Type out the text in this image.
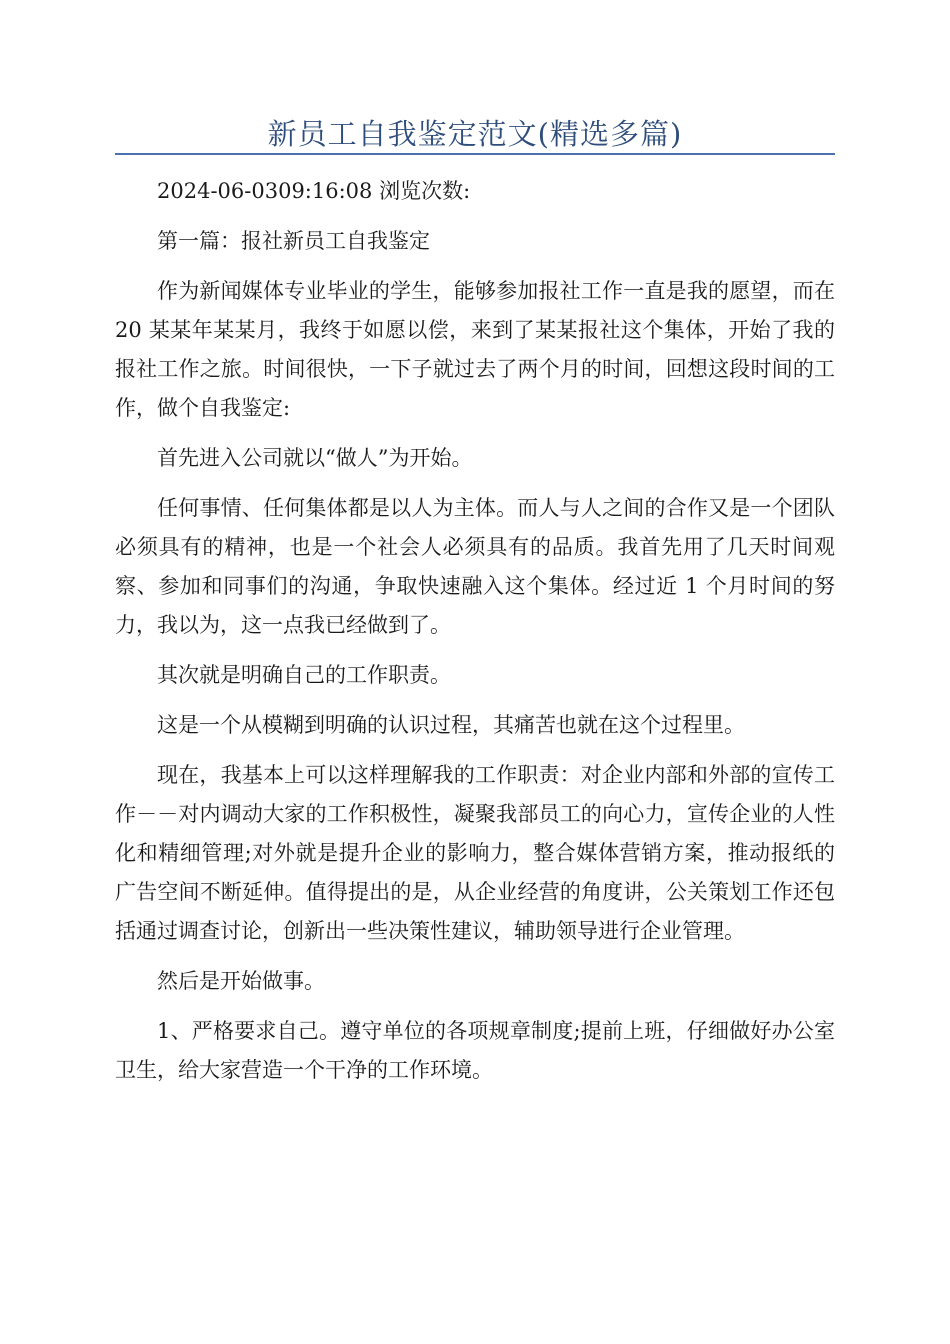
新员工自我鉴定范文(精选多篇)

2024-06-0309:16:08 浏览次数:

第一篇：报社新员工自我鉴定

作为新闻媒体专业毕业的学生，能够参加报社工作一直是我的愿望，而在 20 某某年某某月，我终于如愿以偿，来到了某某报社这个集体，开始了我的报社工作之旅。时间很快，一下子就过去了两个月的时间，回想这段时间的工作，做个自我鉴定:

首先进入公司就以“做人”为开始。

任何事情、任何集体都是以人为主体。而人与人之间的合作又是一个团队必须具有的精神，也是一个社会人必须具有的品质。我首先用了几天时间观察、参加和同事们的沟通，争取快速融入这个集体。经过近 1 个月时间的努力，我以为，这一点我已经做到了。

其次就是明确自己的工作职责。

这是一个从模糊到明确的认识过程，其痛苦也就在这个过程里。

现在，我基本上可以这样理解我的工作职责：对企业内部和外部的宣传工作－－对内调动大家的工作积极性，凝聚我部员工的向心力，宣传企业的人性化和精细管理;对外就是提升企业的影响力，整合媒体营销方案，推动报纸的广告空间不断延伸。值得提出的是，从企业经营的角度讲，公关策划工作还包括通过调查讨论，创新出一些决策性建议，辅助领导进行企业管理。

然后是开始做事。

1、严格要求自己。遵守单位的各项规章制度;提前上班，仔细做好办公室卫生，给大家营造一个干净的工作环境。
